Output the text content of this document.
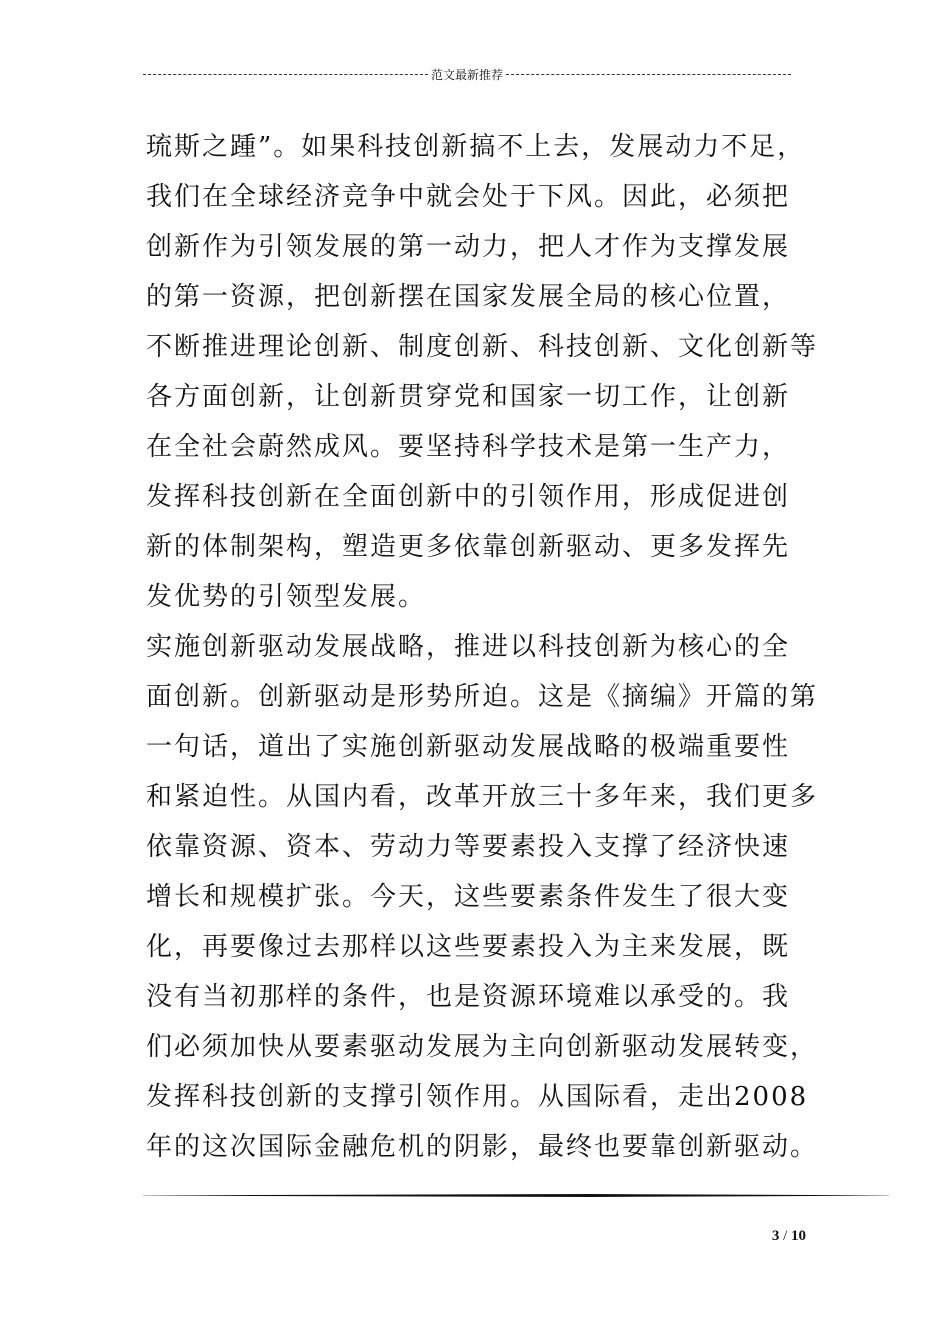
范文最新推荐
琉斯之踵”。如果科技创新搞不上去，发展动力不足，
我们在全球经济竞争中就会处于下风。因此，必须把
创新作为引领发展的第一动力，把人才作为支撑发展
的第一资源，把创新摆在国家发展全局的核心位置，
不断推进理论创新、制度创新、科技创新、文化创新等
各方面创新，让创新贯穿党和国家一切工作，让创新
在全社会蔚然成风。要坚持科学技术是第一生产力，
发挥科技创新在全面创新中的引领作用，形成促进创
新的体制架构，塑造更多依靠创新驱动、更多发挥先
发优势的引领型发展。
实施创新驱动发展战略，推进以科技创新为核心的全
面创新。创新驱动是形势所迫。这是《摘编》开篇的第
一句话，道出了实施创新驱动发展战略的极端重要性
和紧迫性。从国内看，改革开放三十多年来，我们更多
依靠资源、资本、劳动力等要素投入支撑了经济快速
增长和规模扩张。今天，这些要素条件发生了很大变
化，再要像过去那样以这些要素投入为主来发展，既
没有当初那样的条件，也是资源环境难以承受的。我
们必须加快从要素驱动发展为主向创新驱动发展转变，
发挥科技创新的支撑引领作用。从国际看，走出2008
年的这次国际金融危机的阴影，最终也要靠创新驱动。
3 / 10
